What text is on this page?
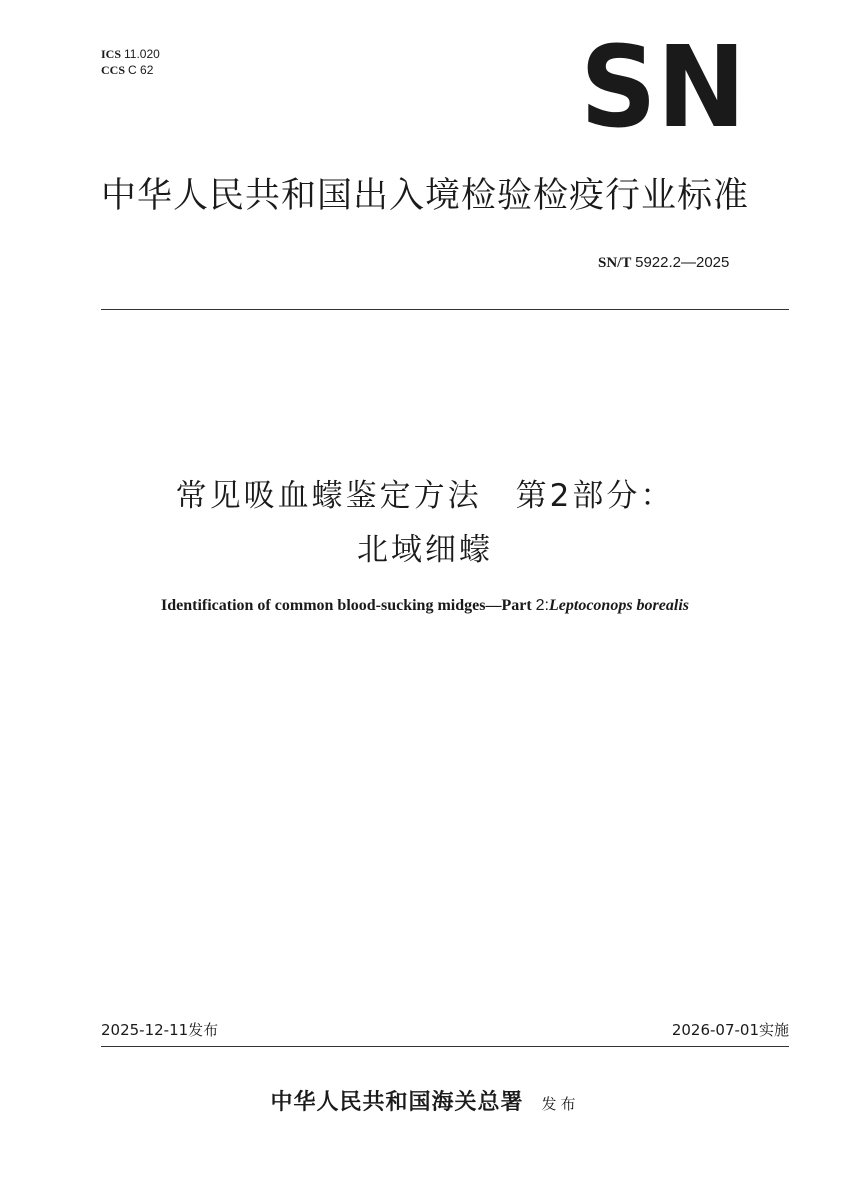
ICS 11.020
CCS C 62	SN
中华人民共和国出入境检验检疫行业标准
SN/T 5922.2—2025
常见吸血蠓鉴定方法　第2部分：
北域细蠓
Identification of common blood-sucking midges—Part 2:Leptoconops borealis
2025-12-11发布	2026-07-01实施
中华人民共和国海关总署 发布
